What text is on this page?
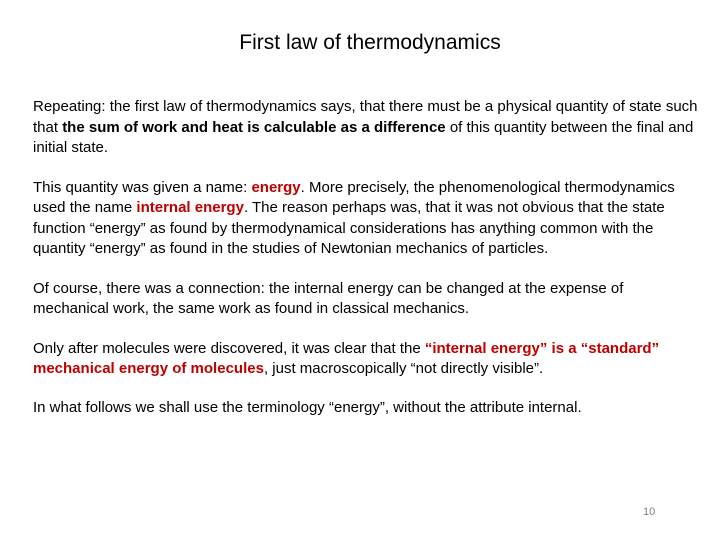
First law of thermodynamics

Repeating: the first law of thermodynamics says, that there must be a physical quantity of state such that the sum of work and heat is calculable as a difference of this quantity between the final and initial state.

This quantity was given a name: energy. More precisely, the phenomenological thermodynamics used the name internal energy. The reason perhaps was, that it was not obvious that the state function “energy” as found by thermodynamical considerations has anything common with the quantity “energy” as found in the studies of Newtonian mechanics of particles.

Of course, there was a connection: the internal energy can be changed at the expense of mechanical work, the same work as found in classical mechanics.

Only after molecules were discovered, it was clear that the “internal energy” is a “standard” mechanical energy of molecules, just macroscopically “not directly visible”.

In what follows we shall use the terminology “energy”, without the attribute internal.

10
